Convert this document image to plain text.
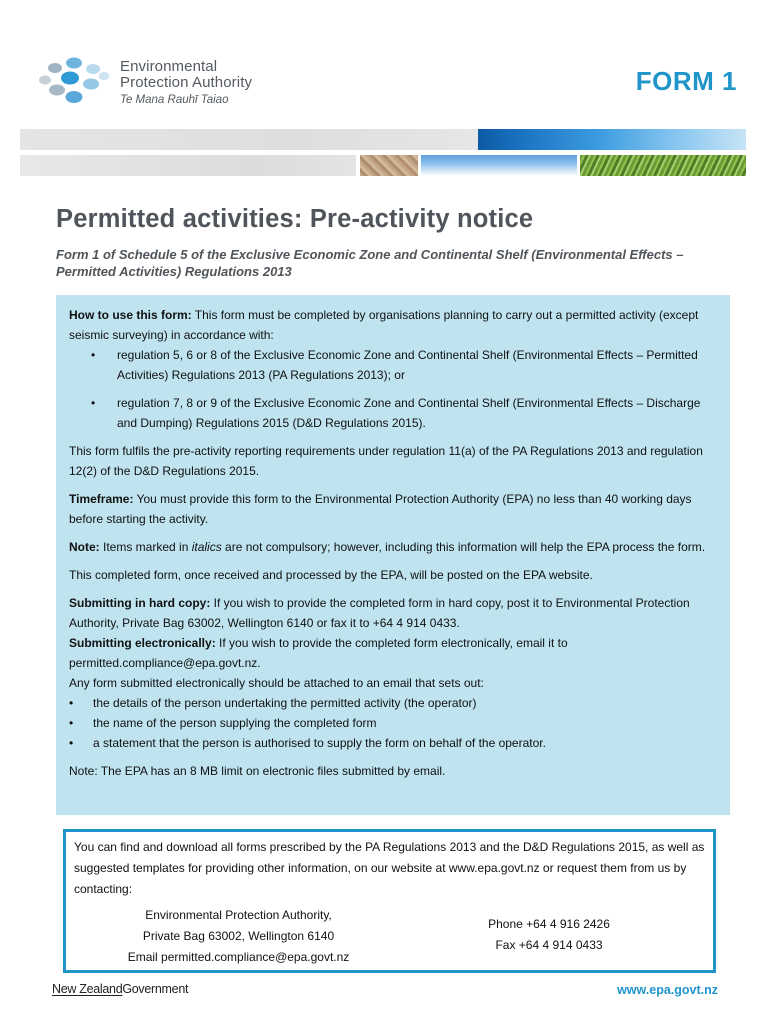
Environmental
Protection Authority
Te Mana Rauhī Taiao
FORM 1
Permitted activities: Pre-activity notice
Form 1 of Schedule 5 of the Exclusive Economic Zone and Continental Shelf (Environmental Effects – Permitted Activities) Regulations 2013

How to use this form: This form must be completed by organisations planning to carry out a permitted activity (except seismic surveying) in accordance with:

• regulation 5, 6 or 8 of the Exclusive Economic Zone and Continental Shelf (Environmental Effects – Permitted Activities) Regulations 2013 (PA Regulations 2013); or
• regulation 7, 8 or 9 of the Exclusive Economic Zone and Continental Shelf (Environmental Effects – Discharge and Dumping) Regulations 2015 (D&D Regulations 2015).

This form fulfils the pre-activity reporting requirements under regulation 11(a) of the PA Regulations 2013 and regulation 12(2) of the D&D Regulations 2015.

Timeframe: You must provide this form to the Environmental Protection Authority (EPA) no less than 40 working days before starting the activity.

Note: Items marked in italics are not compulsory; however, including this information will help the EPA process the form.

This completed form, once received and processed by the EPA, will be posted on the EPA website.

Submitting in hard copy: If you wish to provide the completed form in hard copy, post it to Environmental Protection Authority, Private Bag 63002, Wellington 6140 or fax it to +64 4 914 0433.

Submitting electronically: If you wish to provide the completed form electronically, email it to permitted.compliance@epa.govt.nz.

Any form submitted electronically should be attached to an email that sets out:

• the details of the person undertaking the permitted activity (the operator)
• the name of the person supplying the completed form
• a statement that the person is authorised to supply the form on behalf of the operator.

Note: The EPA has an 8 MB limit on electronic files submitted by email.

You can find and download all forms prescribed by the PA Regulations 2013 and the D&D Regulations 2015, as well as suggested templates for providing other information, on our website at www.epa.govt.nz or request them from us by contacting:

Environmental Protection Authority,
Private Bag 63002, Wellington 6140
Email permitted.compliance@epa.govt.nz
Phone +64 4 916 2426
Fax +64 4 914 0433
New ZealandGovernment	www.epa.govt.nz
